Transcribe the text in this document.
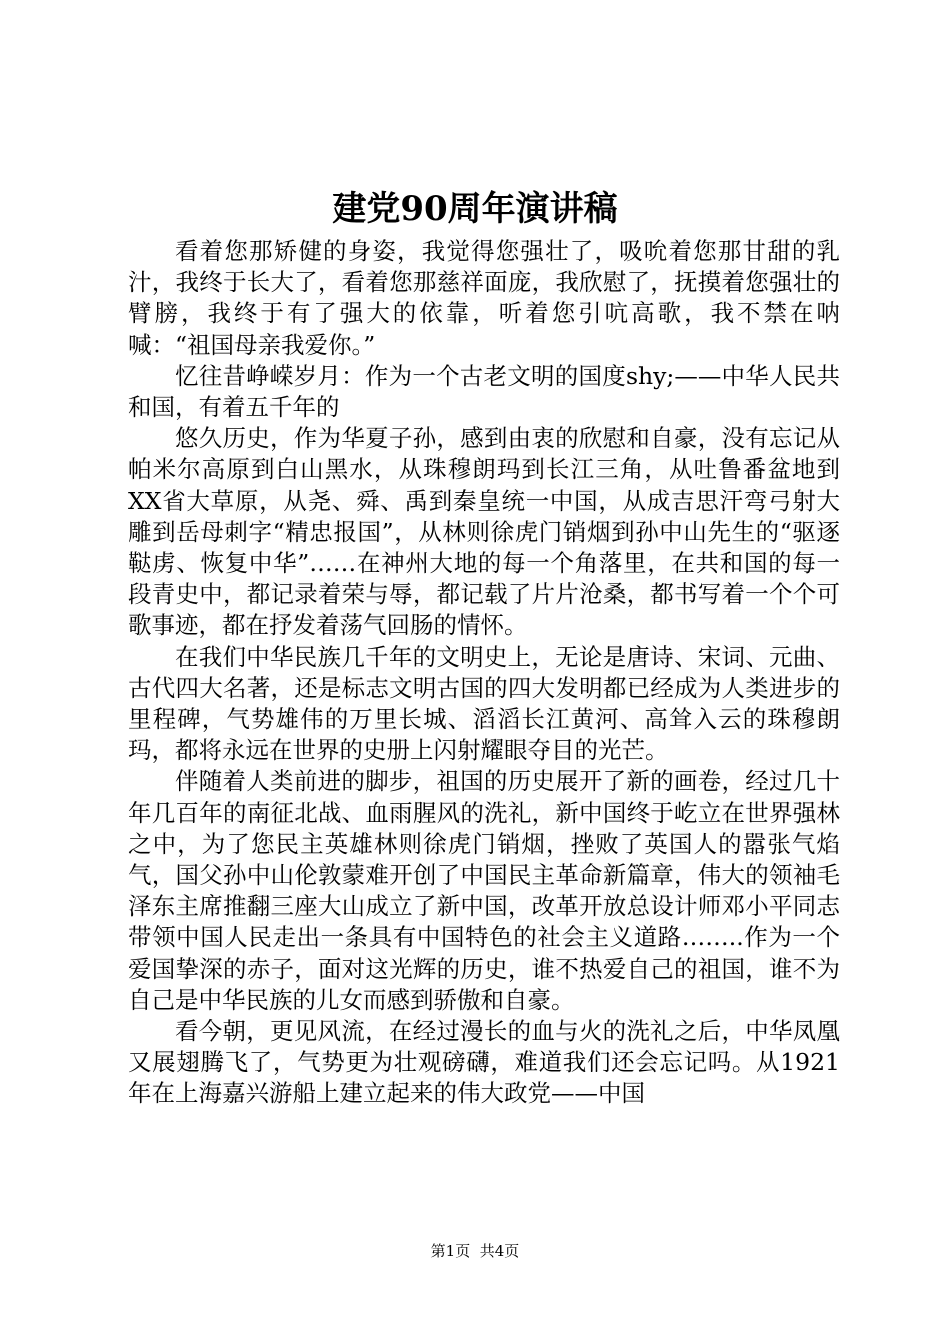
建党90周年演讲稿

看着您那矫健的身姿，我觉得您强壮了，吸吮着您那甘甜的乳汁，我终于长大了，看着您那慈祥面庞，我欣慰了，抚摸着您强壮的臂膀，我终于有了强大的依靠，听着您引吭高歌，我不禁在呐喊：“祖国母亲我爱你。”

忆往昔峥嵘岁月：作为一个古老文明的国度shy;——中华人民共和国，有着五千年的

悠久历史，作为华夏子孙，感到由衷的欣慰和自豪，没有忘记从帕米尔高原到白山黑水，从珠穆朗玛到长江三角，从吐鲁番盆地到XX省大草原，从尧、舜、禹到秦皇统一中国，从成吉思汗弯弓射大雕到岳母刺字“精忠报国”，从林则徐虎门销烟到孙中山先生的“驱逐鞑虏、恢复中华”……在神州大地的每一个角落里，在共和国的每一段青史中，都记录着荣与辱，都记载了片片沧桑，都书写着一个个可歌事迹，都在抒发着荡气回肠的情怀。

在我们中华民族几千年的文明史上，无论是唐诗、宋词、元曲、古代四大名著，还是标志文明古国的四大发明都已经成为人类进步的里程碑，气势雄伟的万里长城、滔滔长江黄河、高耸入云的珠穆朗玛，都将永远在世界的史册上闪射耀眼夺目的光芒。

伴随着人类前进的脚步，祖国的历史展开了新的画卷，经过几十年几百年的南征北战、血雨腥风的洗礼，新中国终于屹立在世界强林之中，为了您民主英雄林则徐虎门销烟，挫败了英国人的嚣张气焰气，国父孙中山伦敦蒙难开创了中国民主革命新篇章，伟大的领袖毛泽东主席推翻三座大山成立了新中国，改革开放总设计师邓小平同志带领中国人民走出一条具有中国特色的社会主义道路……..作为一个爱国挚深的赤子，面对这光辉的历史，谁不热爱自己的祖国，谁不为自己是中华民族的儿女而感到骄傲和自豪。

看今朝，更见风流，在经过漫长的血与火的洗礼之后，中华凤凰又展翅腾飞了，气势更为壮观磅礴，难道我们还会忘记吗。从1921年在上海嘉兴游船上建立起来的伟大政党——中国

第1页 共4页
